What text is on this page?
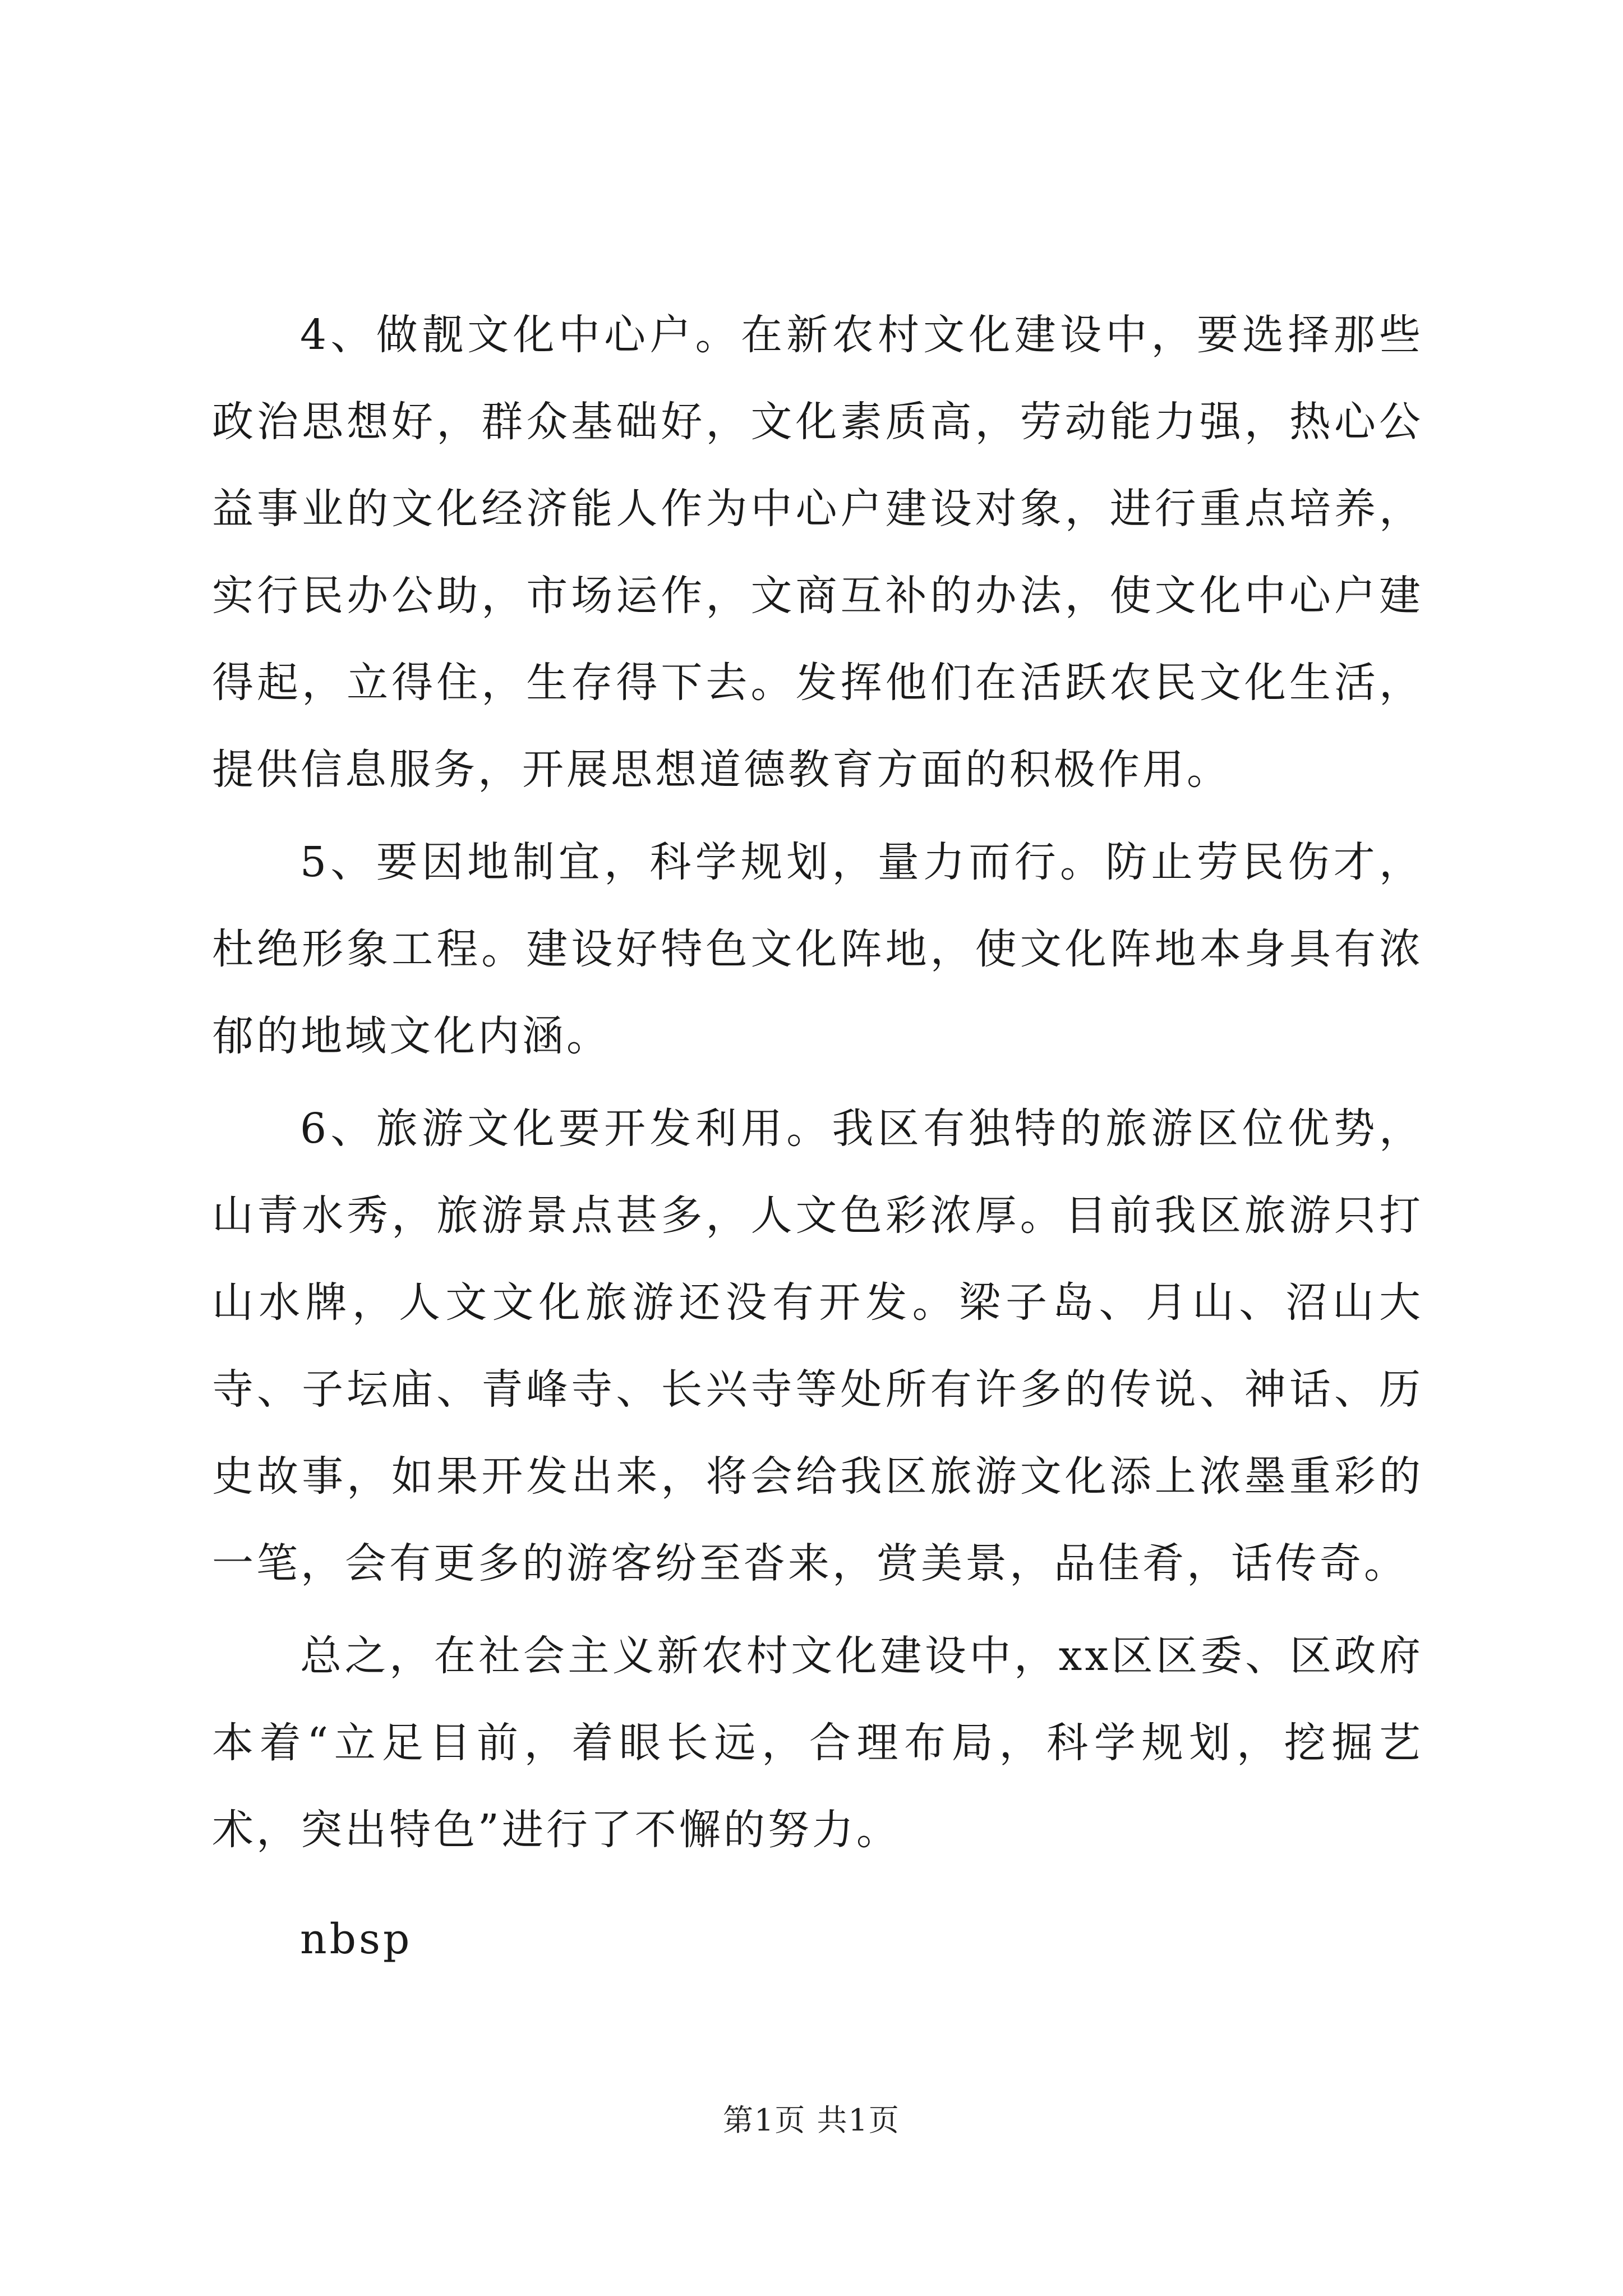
4、做靓文化中心户。在新农村文化建设中，要选择那些政治思想好，群众基础好，文化素质高，劳动能力强，热心公益事业的文化经济能人作为中心户建设对象，进行重点培养，实行民办公助，市场运作，文商互补的办法，使文化中心户建得起，立得住，生存得下去。发挥他们在活跃农民文化生活，提供信息服务，开展思想道德教育方面的积极作用。

5、要因地制宜，科学规划，量力而行。防止劳民伤才，杜绝形象工程。建设好特色文化阵地，使文化阵地本身具有浓郁的地域文化内涵。

6、旅游文化要开发利用。我区有独特的旅游区位优势，山青水秀，旅游景点甚多，人文色彩浓厚。目前我区旅游只打山水牌，人文文化旅游还没有开发。梁子岛、月山、沼山大寺、子坛庙、青峰寺、长兴寺等处所有许多的传说、神话、历史故事，如果开发出来，将会给我区旅游文化添上浓墨重彩的一笔，会有更多的游客纷至沓来，赏美景，品佳肴，话传奇。

总之，在社会主义新农村文化建设中，xx区区委、区政府本着“立足目前，着眼长远，合理布局，科学规划，挖掘艺术，突出特色”进行了不懈的努力。

nbsp

第1页 共1页
